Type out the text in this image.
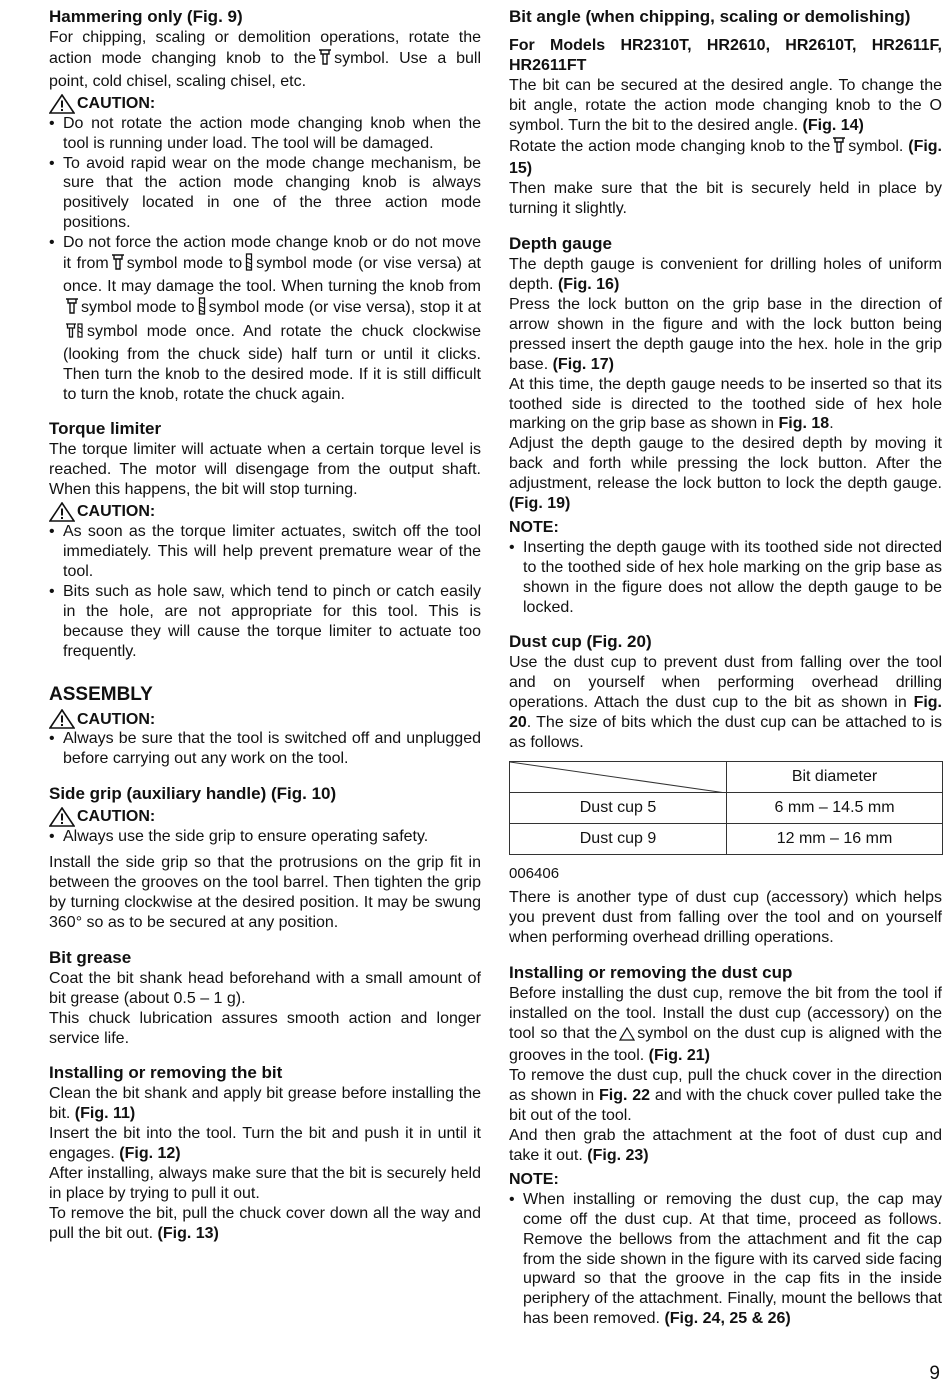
Hammering only (Fig. 9)

For chipping, scaling or demolition operations, rotate the action mode changing knob to the symbol. Use a bull point, cold chisel, scaling chisel, etc.

CAUTION:
• Do not rotate the action mode changing knob when the tool is running under load. The tool will be damaged.
• To avoid rapid wear on the mode change mechanism, be sure that the action mode changing knob is always positively located in one of the three action mode positions.
• Do not force the action mode change knob or do not move it from symbol mode to symbol mode (or vise versa) at once. It may damage the tool. When turning the knob fromsymbol mode to symbol mode (or vise versa), stop it atsymbol mode once. And rotate the chuck clockwise (looking from the chuck side) half turn or until it clicks. Then turn the knob to the desired mode. If it is still difficult to turn the knob, rotate the chuck again.
Torque limiter

The torque limiter will actuate when a certain torque level is reached. The motor will disengage from the output shaft. When this happens, the bit will stop turning.

CAUTION:
• As soon as the torque limiter actuates, switch off the tool immediately. This will help prevent premature wear of the tool.
• Bits such as hole saw, which tend to pinch or catch easily in the hole, are not appropriate for this tool. This is because they will cause the torque limiter to actuate too frequently.
ASSEMBLY
CAUTION:
• Always be sure that the tool is switched off and unplugged before carrying out any work on the tool.
Side grip (auxiliary handle) (Fig. 10)
CAUTION:
• Always use the side grip to ensure operating safety.

Install the side grip so that the protrusions on the grip fit in between the grooves on the tool barrel. Then tighten the grip by turning clockwise at the desired position. It may be swung 360° so as to be secured at any position.

Bit grease

Coat the bit shank head beforehand with a small amount of bit grease (about 0.5 – 1 g).

This chuck lubrication assures smooth action and longer service life.

Installing or removing the bit

Clean the bit shank and apply bit grease before installing the bit. (Fig. 11)

Insert the bit into the tool. Turn the bit and push it in until it engages. (Fig. 12)

After installing, always make sure that the bit is securely held in place by trying to pull it out.

To remove the bit, pull the chuck cover down all the way and pull the bit out. (Fig. 13)

Bit angle (when chipping, scaling or demolishing)

For Models HR2310T, HR2610, HR2610T, HR2611F, HR2611FT

The bit can be secured at the desired angle. To change the bit angle, rotate the action mode changing knob to the O symbol. Turn the bit to the desired angle. (Fig. 14)

Rotate the action mode changing knob to the symbol. (Fig. 15)

Then make sure that the bit is securely held in place by turning it slightly.

Depth gauge

The depth gauge is convenient for drilling holes of uniform depth. (Fig. 16)

Press the lock button on the grip base in the direction of arrow shown in the figure and with the lock button being pressed insert the depth gauge into the hex. hole in the grip base. (Fig. 17)

At this time, the depth gauge needs to be inserted so that its toothed side is directed to the toothed side of hex hole marking on the grip base as shown in Fig. 18.

Adjust the depth gauge to the desired depth by moving it back and forth while pressing the lock button. After the adjustment, release the lock button to lock the depth gauge. (Fig. 19)

NOTE:
• Inserting the depth gauge with its toothed side not directed to the toothed side of hex hole marking on the grip base as shown in the figure does not allow the depth gauge to be locked.
Dust cup (Fig. 20)

Use the dust cup to prevent dust from falling over the tool and on yourself when performing overhead drilling operations. Attach the dust cup to the bit as shown in Fig. 20. The size of bits which the dust cup can be attached to is as follows.

	Bit diameter
Dust cup 5	6 mm – 14.5 mm
Dust cup 9	12 mm – 16 mm
006406

There is another type of dust cup (accessory) which helps you prevent dust from falling over the tool and on yourself when performing overhead drilling operations.

Installing or removing the dust cup

Before installing the dust cup, remove the bit from the tool if installed on the tool. Install the dust cup (accessory) on the tool so that the symbol on the dust cup is aligned with the grooves in the tool. (Fig. 21)

To remove the dust cup, pull the chuck cover in the direction as shown in Fig. 22 and with the chuck cover pulled take the bit out of the tool.

And then grab the attachment at the foot of dust cup and take it out. (Fig. 23)

NOTE:
• When installing or removing the dust cup, the cap may come off the dust cup. At that time, proceed as follows. Remove the bellows from the attachment and fit the cap from the side shown in the figure with its carved side facing upward so that the groove in the cap fits in the inside periphery of the attachment. Finally, mount the bellows that has been removed. (Fig. 24, 25 & 26)
9
